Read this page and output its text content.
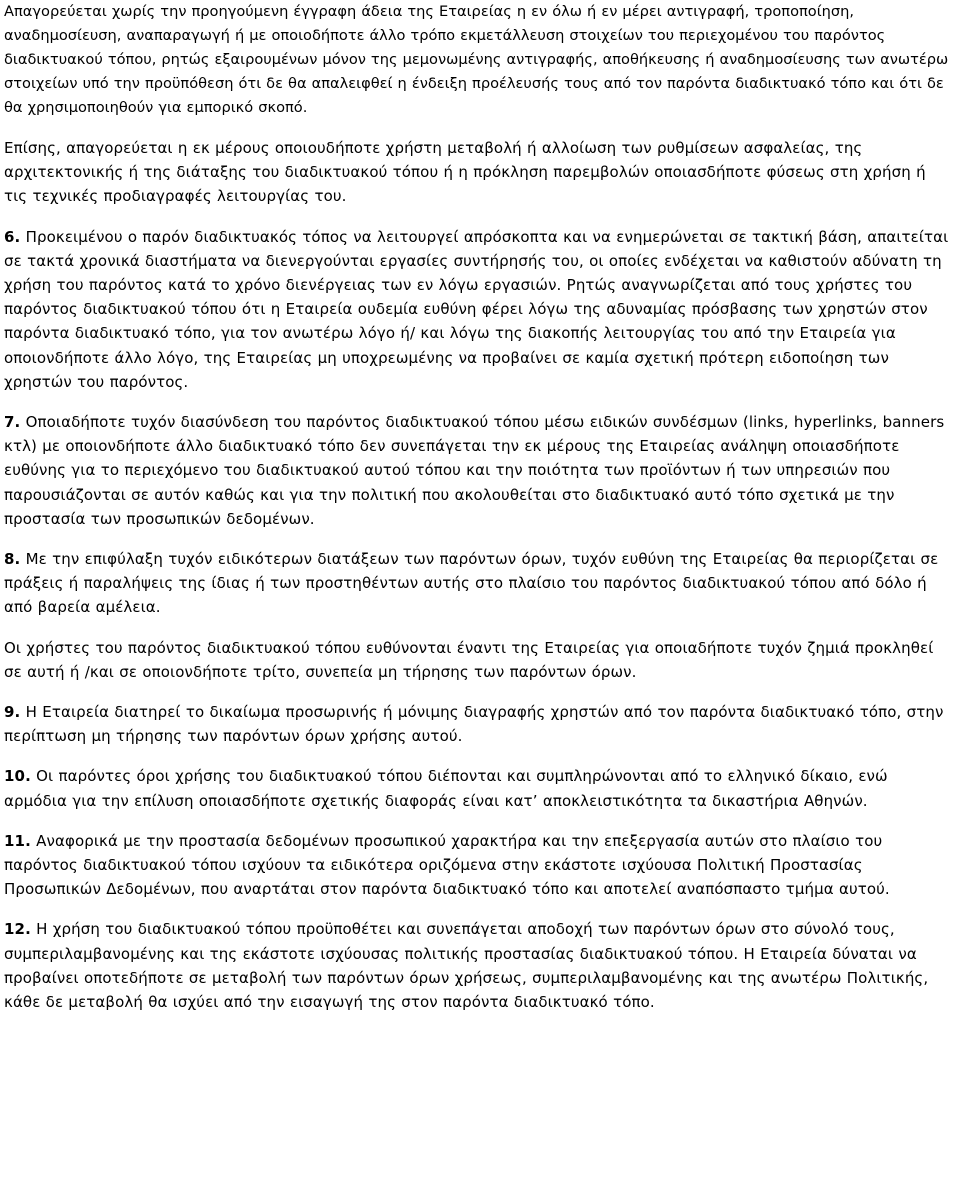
Απαγορεύεται χωρίς την προηγούμενη έγγραφη άδεια της Εταιρείας η εν όλω ή εν μέρει αντιγραφή, τροποποίηση, αναδημοσίευση, αναπαραγωγή ή με οποιοδήποτε άλλο τρόπο εκμετάλλευση στοιχείων του περιεχομένου του παρόντος διαδικτυακού τόπου, ρητώς εξαιρουμένων μόνον της μεμονωμένης αντιγραφής, αποθήκευσης ή αναδημοσίευσης των ανωτέρω στοιχείων υπό την προϋπόθεση ότι δε θα απαλειφθεί η ένδειξη προέλευσής τους από τον παρόντα διαδικτυακό τόπο και ότι δε θα χρησιμοποιηθούν για εμπορικό σκοπό.

Επίσης, απαγορεύεται η εκ μέρους οποιουδήποτε χρήστη μεταβολή ή αλλοίωση των ρυθμίσεων ασφαλείας, της αρχιτεκτονικής ή της διάταξης του διαδικτυακού τόπου ή η πρόκληση παρεμβολών οποιασδήποτε φύσεως στη χρήση ή τις τεχνικές προδιαγραφές λειτουργίας του.

6. Προκειμένου ο παρόν διαδικτυακός τόπος να λειτουργεί απρόσκοπτα και να ενημερώνεται σε τακτική βάση, απαιτείται σε τακτά χρονικά διαστήματα να διενεργούνται εργασίες συντήρησής του, οι οποίες ενδέχεται να καθιστούν αδύνατη τη χρήση του παρόντος κατά το χρόνο διενέργειας των εν λόγω εργασιών. Ρητώς αναγνωρίζεται από τους χρήστες του παρόντος διαδικτυακού τόπου ότι η Εταιρεία ουδεμία ευθύνη φέρει λόγω της αδυναμίας πρόσβασης των χρηστών στον παρόντα διαδικτυακό τόπο, για τον ανωτέρω λόγο ή/ και λόγω της διακοπής λειτουργίας του από την Εταιρεία για οποιονδήποτε άλλο λόγο, της Εταιρείας μη υποχρεωμένης να προβαίνει σε καμία σχετική πρότερη ειδοποίηση των χρηστών του παρόντος.

7. Οποιαδήποτε τυχόν διασύνδεση του παρόντος διαδικτυακού τόπου μέσω ειδικών συνδέσμων (links, hyperlinks, banners κτλ) με οποιονδήποτε άλλο διαδικτυακό τόπο δεν συνεπάγεται την εκ μέρους της Εταιρείας ανάληψη οποιασδήποτε ευθύνης για το περιεχόμενο του διαδικτυακού αυτού τόπου και την ποιότητα των προϊόντων ή των υπηρεσιών που παρουσιάζονται σε αυτόν καθώς και για την πολιτική που ακολουθείται στο διαδικτυακό αυτό τόπο σχετικά με την προστασία των προσωπικών δεδομένων.

8. Με την επιφύλαξη τυχόν ειδικότερων διατάξεων των παρόντων όρων, τυχόν ευθύνη της Εταιρείας θα περιορίζεται σε πράξεις ή παραλήψεις της ίδιας ή των προστηθέντων αυτής στο πλαίσιο του παρόντος διαδικτυακού τόπου από δόλο ή από βαρεία αμέλεια.

Οι χρήστες του παρόντος διαδικτυακού τόπου ευθύνονται έναντι της Εταιρείας για οποιαδήποτε τυχόν ζημιά προκληθεί σε αυτή ή /και σε οποιονδήποτε τρίτο, συνεπεία μη τήρησης των παρόντων όρων.

9. Η Εταιρεία διατηρεί το δικαίωμα προσωρινής ή μόνιμης διαγραφής χρηστών από τον παρόντα διαδικτυακό τόπο, στην περίπτωση μη τήρησης των παρόντων όρων χρήσης αυτού.

10. Οι παρόντες όροι χρήσης του διαδικτυακού τόπου διέπονται και συμπληρώνονται από το ελληνικό δίκαιο, ενώ αρμόδια για την επίλυση οποιασδήποτε σχετικής διαφοράς είναι κατ’ αποκλειστικότητα τα δικαστήρια Αθηνών.

11. Αναφορικά με την προστασία δεδομένων προσωπικού χαρακτήρα και την επεξεργασία αυτών στο πλαίσιο του παρόντος διαδικτυακού τόπου ισχύουν τα ειδικότερα οριζόμενα στην εκάστοτε ισχύουσα Πολιτική Προστασίας Προσωπικών Δεδομένων, που αναρτάται στον παρόντα διαδικτυακό τόπο και αποτελεί αναπόσπαστο τμήμα αυτού.

12. Η χρήση του διαδικτυακού τόπου προϋποθέτει και συνεπάγεται αποδοχή των παρόντων όρων στο σύνολό τους, συμπεριλαμβανομένης και της εκάστοτε ισχύουσας πολιτικής προστασίας διαδικτυακού τόπου. Η Εταιρεία δύναται να προβαίνει οποτεδήποτε σε μεταβολή των παρόντων όρων χρήσεως, συμπεριλαμβανομένης και της ανωτέρω Πολιτικής, κάθε δε μεταβολή θα ισχύει από την εισαγωγή της στον παρόντα διαδικτυακό τόπο.
